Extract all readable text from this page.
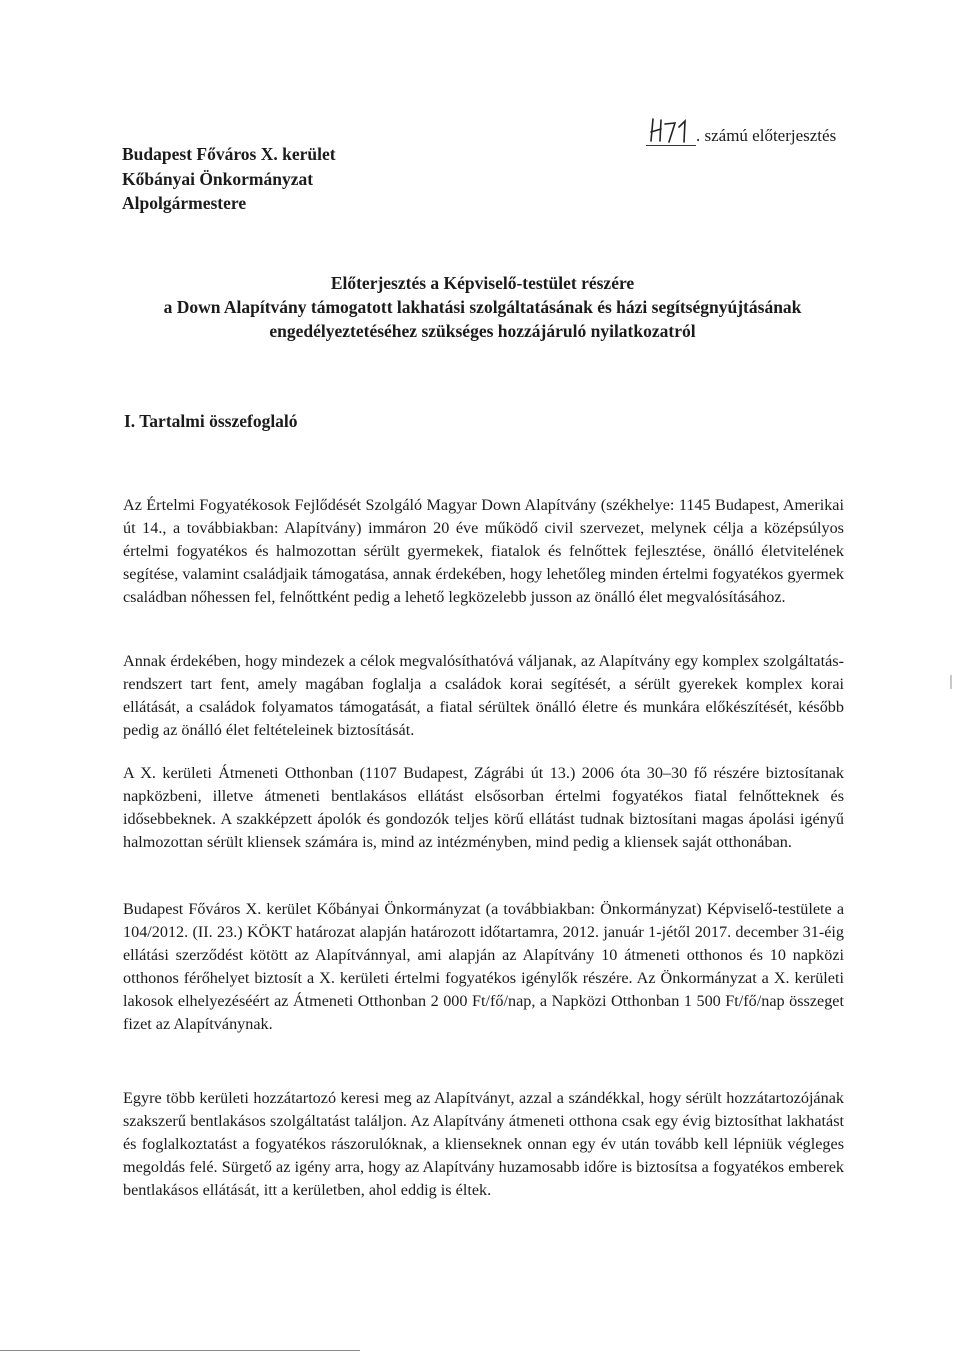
Budapest Főváros X. kerület
Kőbányai Önkormányzat
Alpolgármestere
. számú előterjesztés
Előterjesztés a Képviselő-testület részére
a Down Alapítvány támogatott lakhatási szolgáltatásának és házi segítségnyújtásának
engedélyeztetéséhez szükséges hozzájáruló nyilatkozatról
I. Tartalmi összefoglaló

Az Értelmi Fogyatékosok Fejlődését Szolgáló Magyar Down Alapítvány (székhelye: 1145 Budapest, Amerikai út 14., a továbbiakban: Alapítvány) immáron 20 éve működő civil szervezet, melynek célja a középsúlyos értelmi fogyatékos és halmozottan sérült gyermekek, fiatalok és felnőttek fejlesztése, önálló életvitelének segítése, valamint családjaik támogatása, annak érdekében, hogy lehetőleg minden értelmi fogyatékos gyermek családban nőhessen fel, felnőttként pedig a lehető legközelebb jusson az önálló élet megvalósításához.

Annak érdekében, hogy mindezek a célok megvalósíthatóvá váljanak, az Alapítvány egy komplex szolgáltatás-rendszert tart fent, amely magában foglalja a családok korai segítését, a sérült gyerekek komplex korai ellátását, a családok folyamatos támogatását, a fiatal sérültek önálló életre és munkára előkészítését, később pedig az önálló élet feltételeinek biztosítását.

A X. kerületi Átmeneti Otthonban (1107 Budapest, Zágrábi út 13.) 2006 óta 30–30 fő részére biztosítanak napközbeni, illetve átmeneti bentlakásos ellátást elsősorban értelmi fogyatékos fiatal felnőtteknek és idősebbeknek. A szakképzett ápolók és gondozók teljes körű ellátást tudnak biztosítani magas ápolási igényű halmozottan sérült kliensek számára is, mind az intézményben, mind pedig a kliensek saját otthonában.

Budapest Főváros X. kerület Kőbányai Önkormányzat (a továbbiakban: Önkormányzat) Képviselő-testülete a 104/2012. (II. 23.) KÖKT határozat alapján határozott időtartamra, 2012. január 1-jétől 2017. december 31-éig ellátási szerződést kötött az Alapítvánnyal, ami alapján az Alapítvány 10 átmeneti otthonos és 10 napközi otthonos férőhelyet biztosít a X. kerületi értelmi fogyatékos igénylők részére. Az Önkormányzat a X. kerületi lakosok elhelyezéséért az Átmeneti Otthonban 2 000 Ft/fő/nap, a Napközi Otthonban 1 500 Ft/fő/nap összeget fizet az Alapítványnak.

Egyre több kerületi hozzátartozó keresi meg az Alapítványt, azzal a szándékkal, hogy sérült hozzátartozójának szakszerű bentlakásos szolgáltatást találjon. Az Alapítvány átmeneti otthona csak egy évig biztosíthat lakhatást és foglalkoztatást a fogyatékos rászorulóknak, a klienseknek onnan egy év után tovább kell lépniük végleges megoldás felé. Sürgető az igény arra, hogy az Alapítvány huzamosabb időre is biztosítsa a fogyatékos emberek bentlakásos ellátását, itt a kerületben, ahol eddig is éltek.
